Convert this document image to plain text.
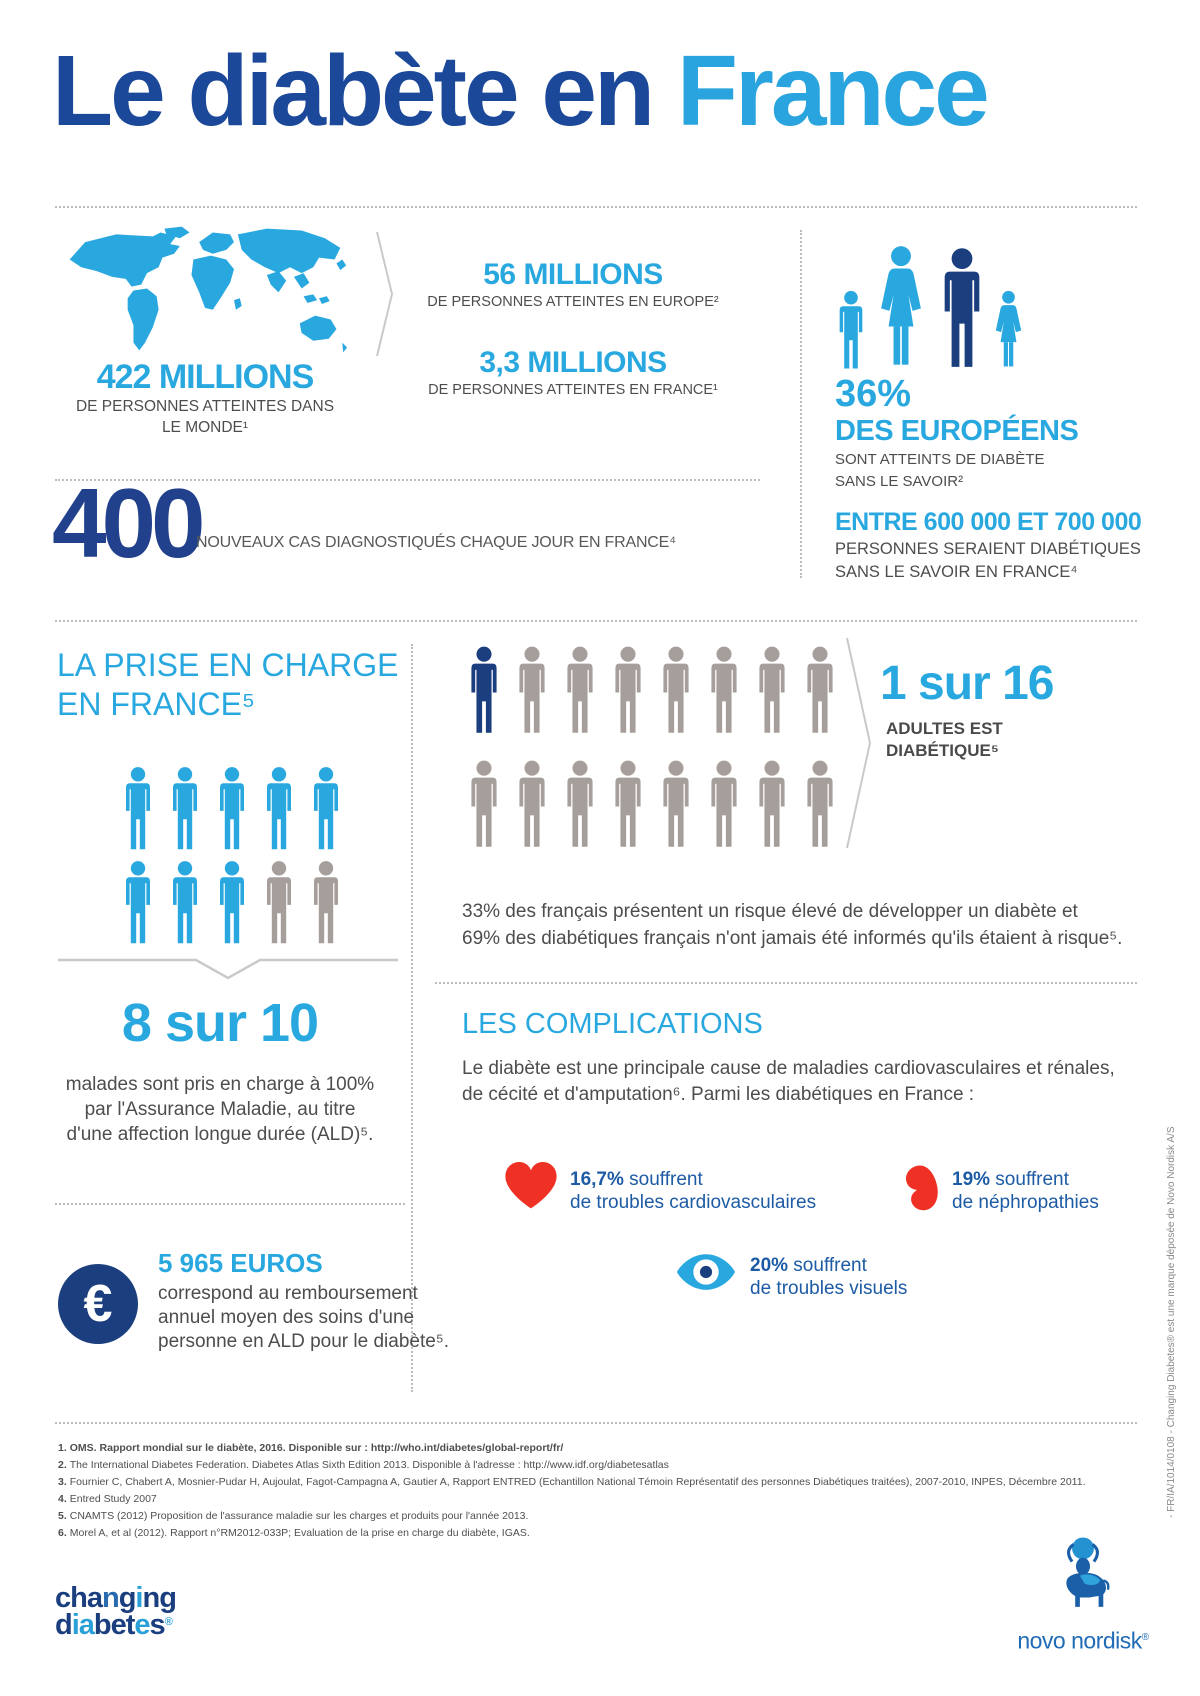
Le diabète en France
422 MILLIONS
DE PERSONNES ATTEINTES DANS
LE MONDE¹
56 MILLIONS
DE PERSONNES ATTEINTES EN EUROPE²
3,3 MILLIONS
DE PERSONNES ATTEINTES EN FRANCE¹	36%
DES EUROPÉENS
SONT ATTEINTS DE DIABÈTE
SANS LE SAVOIR²
400
NOUVEAUX CAS DIAGNOSTIQUÉS CHAQUE JOUR EN FRANCE⁴
ENTRE 600 000 ET 700 000
PERSONNES SERAIENT DIABÉTIQUES
SANS LE SAVOIR EN FRANCE⁴
LA PRISE EN CHARGE
EN FRANCE⁵
8 sur 10
malades sont pris en charge à 100%
par l'Assurance Maladie, au titre
d'une affection longue durée (ALD)⁵.
1 sur 16
ADULTES EST
DIABÉTIQUE⁵
33% des français présentent un risque élevé de développer un diabète et
69% des diabétiques français n'ont jamais été informés qu'ils étaient à risque⁵.
LES COMPLICATIONS
Le diabète est une principale cause de maladies cardiovasculaires et rénales,
de cécité et d'amputation⁶. Parmi les diabétiques en France :
16,7% souffrent
de troubles cardiovasculaires
19% souffrent
de néphropathies
20% souffrent
de troubles visuels
€
5 965 EUROS
correspond au remboursement
annuel moyen des soins d'une
personne en ALD pour le diabète⁵.
1. OMS. Rapport mondial sur le diabète, 2016. Disponible sur : http://who.int/diabetes/global-report/fr/
2. The International Diabetes Federation. Diabetes Atlas Sixth Edition 2013. Disponible à l'adresse : http://www.idf.org/diabetesatlas
3. Fournier C, Chabert A, Mosnier-Pudar H, Aujoulat, Fagot-Campagna A, Gautier A, Rapport ENTRED (Echantillon National Témoin Représentatif des personnes Diabétiques traitées), 2007-2010, INPES, Décembre 2011.
4. Entred Study 2007
5. CNAMTS (2012) Proposition de l'assurance maladie sur les charges et produits pour l'année 2013.
6. Morel A, et al (2012). Rapport n°RM2012-033P; Evaluation de la prise en charge du diabète, IGAS.
changing
diabetes®
novo nordisk®
- FR/IA/1014/0108 - Changing Diabetes® est une marque déposée de Novo Nordisk A/S
